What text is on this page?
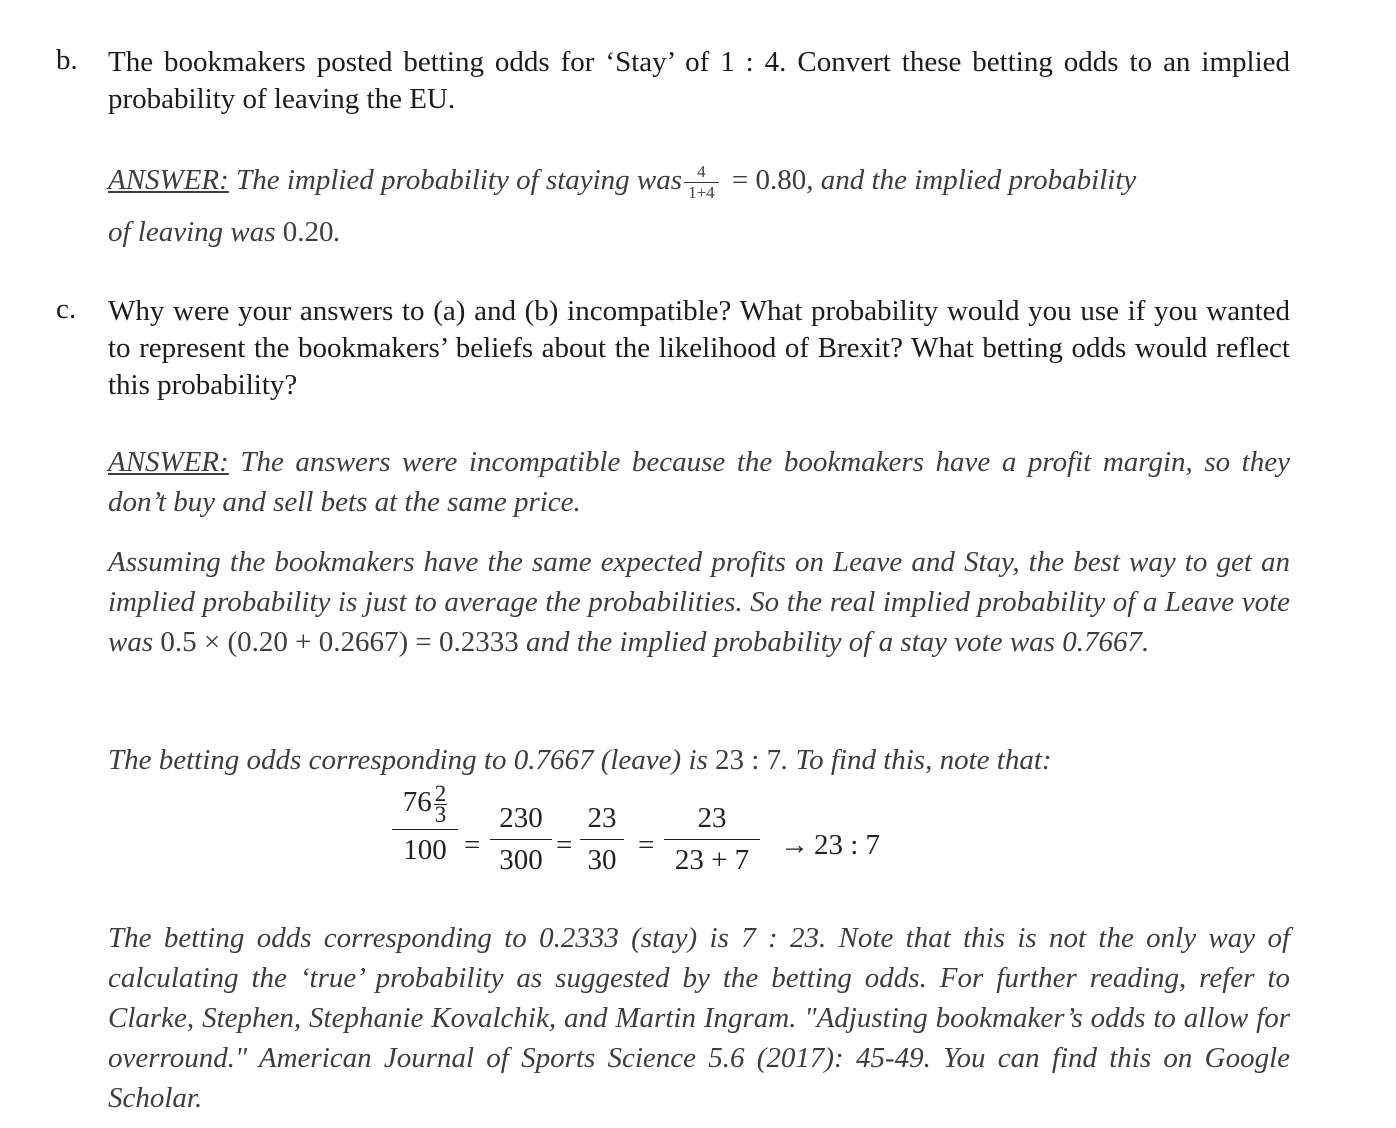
b. The bookmakers posted betting odds for ‘Stay’ of 1 : 4. Convert these betting odds to an implied probability of leaving the EU.
ANSWER: The implied probability of staying was $\frac{4}{1+4} = 0.80$, and the implied probability
of leaving was 0.20.
c. Why were your answers to (a) and (b) incompatible? What probability would you use if you wanted to represent the bookmakers’ beliefs about the likelihood of Brexit? What betting odds would reflect this probability?
ANSWER: The answers were incompatible because the bookmakers have a profit margin, so they don’t buy and sell bets at the same price.
Assuming the bookmakers have the same expected profits on Leave and Stay, the best way to get an implied probability is just to average the probabilities. So the real implied probability of a Leave vote was 0.5 × (0.20 + 0.2667) = 0.2333 and the implied probability of a stay vote was 0.7667.
The betting odds corresponding to 0.7667 (leave) is 23 : 7. To find this, note that:
$76 \frac{2}{3}$
100 =
230
300 =
23
30 =
23
23 + 7	→ 23 : 7
The betting odds corresponding to 0.2333 (stay) is 7 : 23. Note that this is not the only way of calculating the ‘true’ probability as suggested by the betting odds. For further reading, refer to Clarke, Stephen, Stephanie Kovalchik, and Martin Ingram. "Adjusting bookmaker’s odds to allow for overround." American Journal of Sports Science 5.6 (2017): 45-49. You can find this on Google Scholar.
